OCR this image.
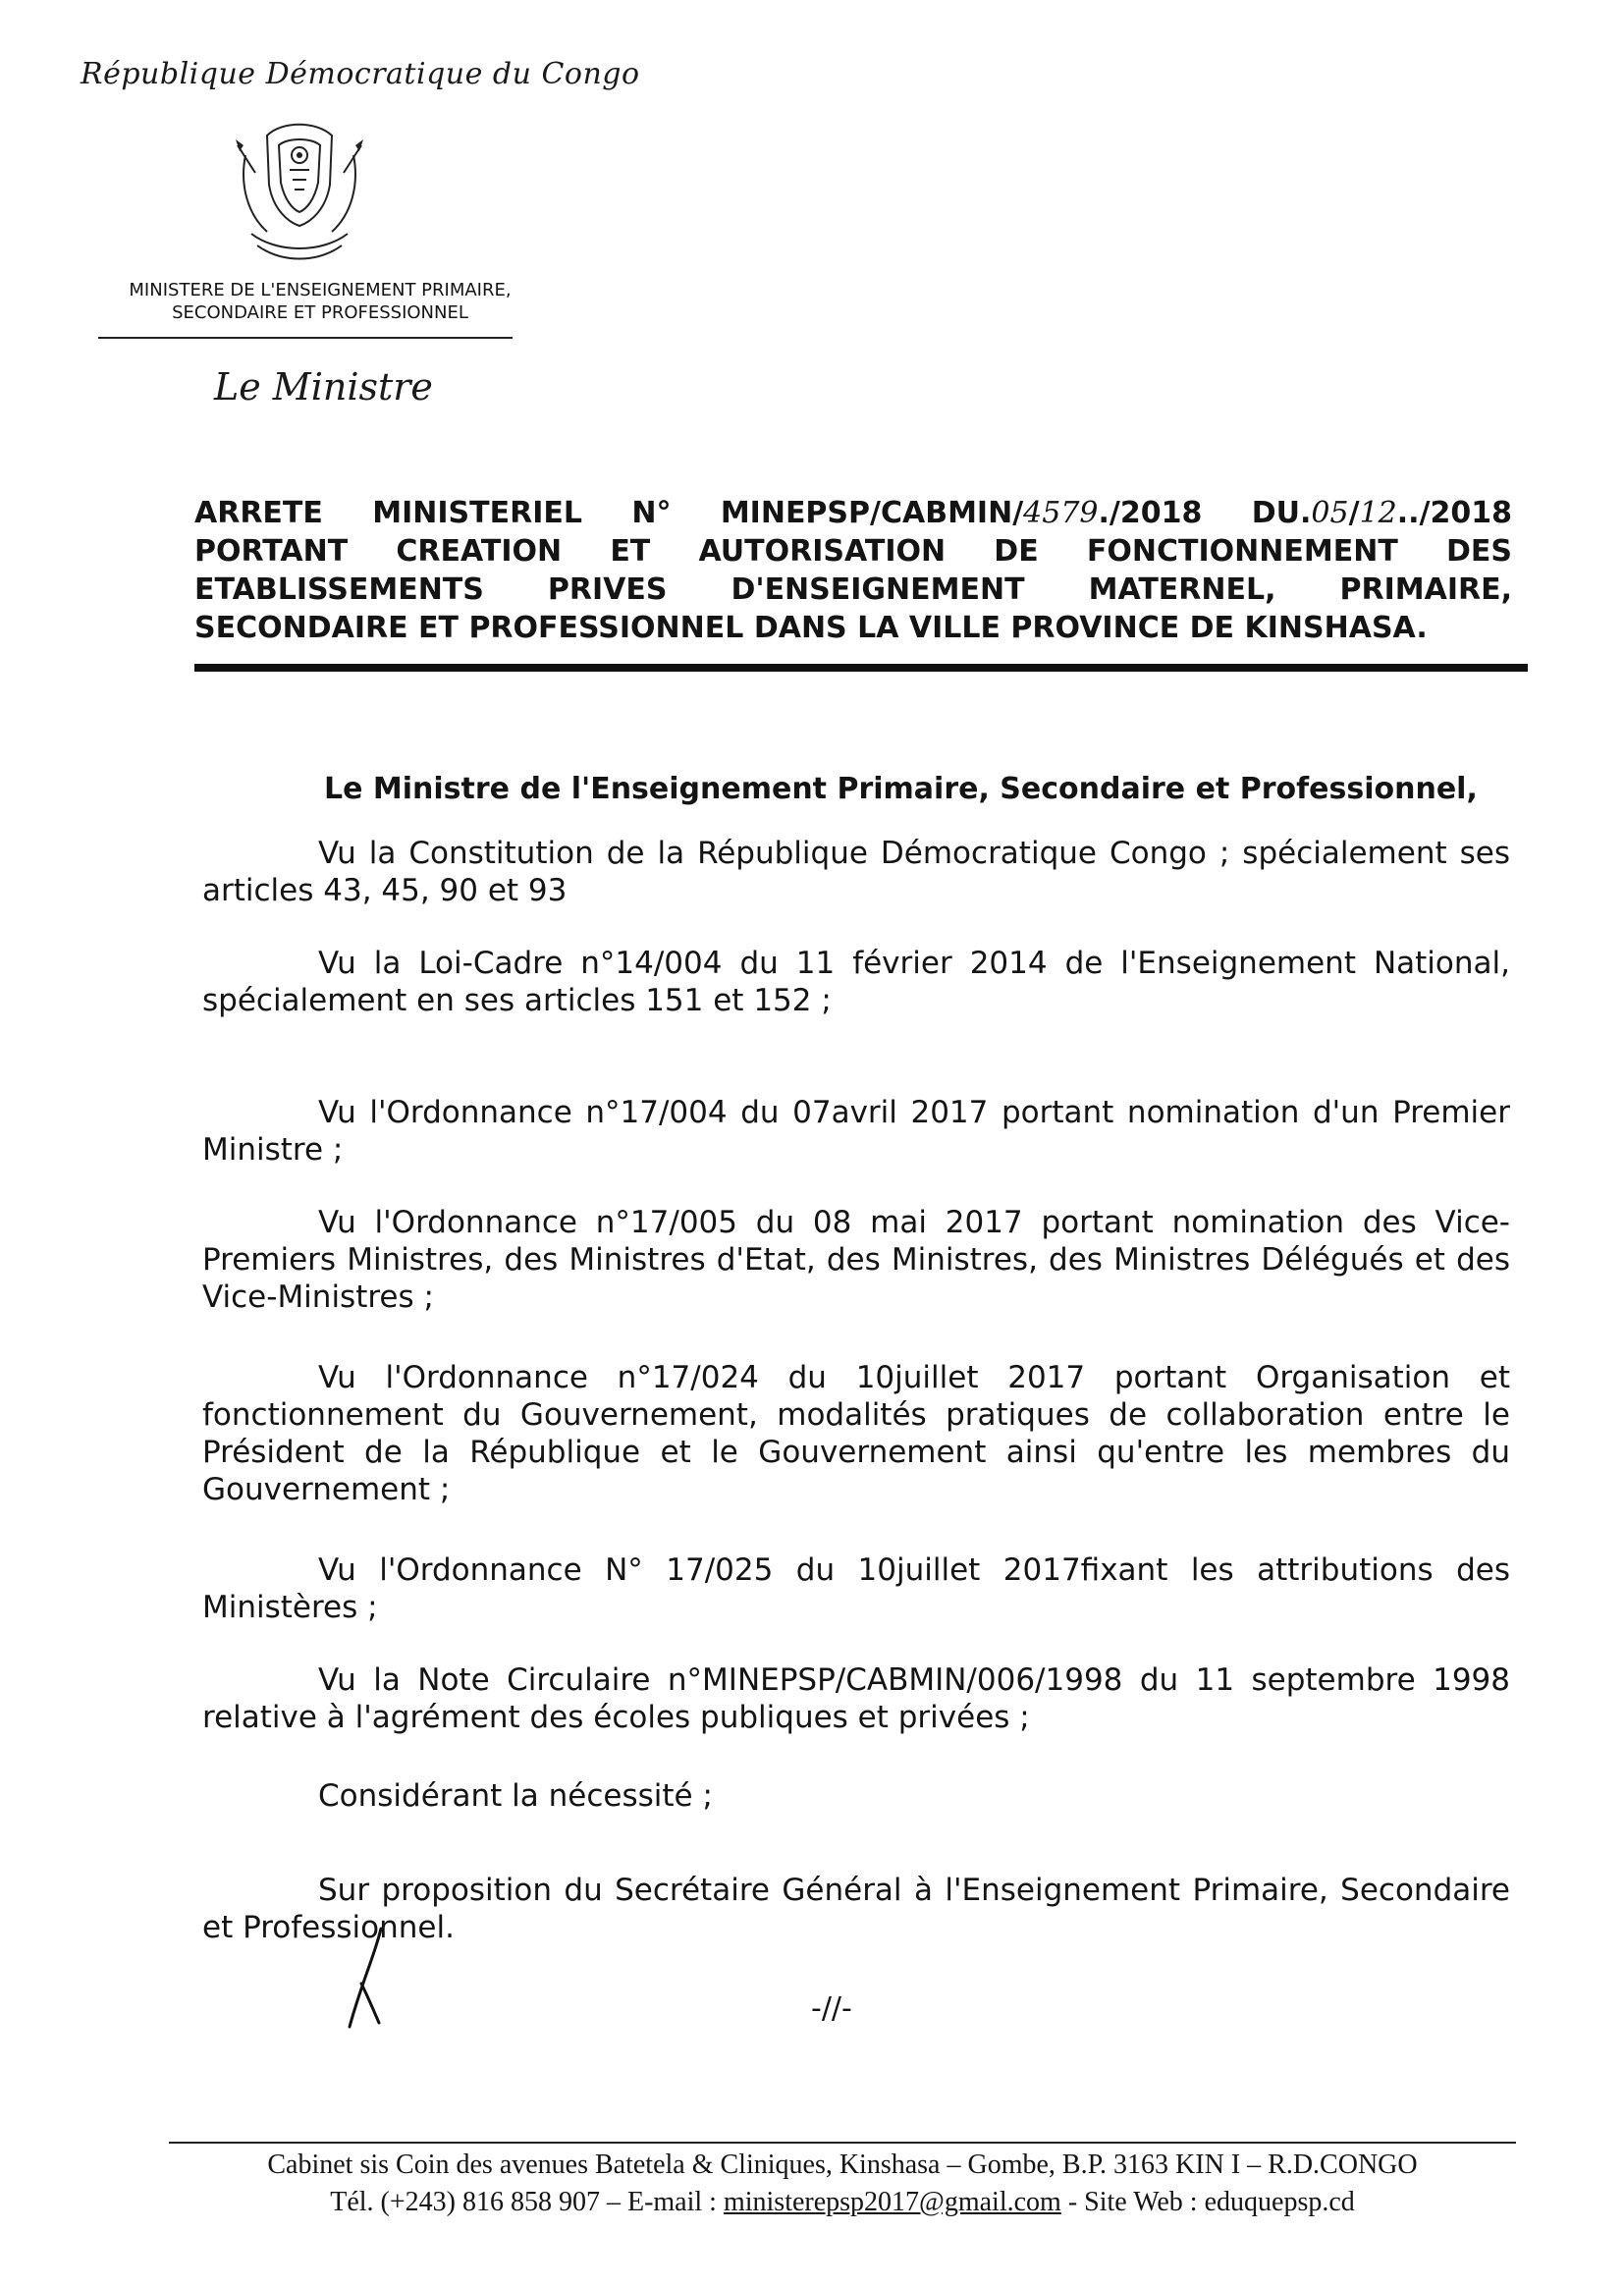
République Démocratique du Congo
MINISTERE DE L'ENSEIGNEMENT PRIMAIRE,
SECONDAIRE ET PROFESSIONNEL
Le Ministre
ARRETE MINISTERIEL N° MINEPSP/CABMIN/4579./2018 DU.05/12../2018
PORTANT CREATION ET AUTORISATION DE FONCTIONNEMENT DES
ETABLISSEMENTS PRIVES D'ENSEIGNEMENT MATERNEL, PRIMAIRE,
SECONDAIRE ET PROFESSIONNEL DANS LA VILLE PROVINCE DE KINSHASA.
Le Ministre de l'Enseignement Primaire, Secondaire et Professionnel,
Vu la Constitution de la République Démocratique Congo ; spécialement ses articles 43, 45, 90 et 93
Vu la Loi-Cadre n°14/004 du 11 février 2014 de l'Enseignement National, spécialement en ses articles 151 et 152 ;
Vu l'Ordonnance n°17/004 du 07avril 2017 portant nomination d'un Premier Ministre ;
Vu l'Ordonnance n°17/005 du 08 mai 2017 portant nomination des Vice-Premiers Ministres, des Ministres d'Etat, des Ministres, des Ministres Délégués et des Vice-Ministres ;
Vu l'Ordonnance n°17/024 du 10juillet 2017 portant Organisation et fonctionnement du Gouvernement, modalités pratiques de collaboration entre le Président de la République et le Gouvernement ainsi qu'entre les membres du Gouvernement ;
Vu l'Ordonnance N° 17/025 du 10juillet 2017fixant les attributions des Ministères ;
Vu la Note Circulaire n°MINEPSP/CABMIN/006/1998 du 11 septembre 1998 relative à l'agrément des écoles publiques et privées ;
Considérant la nécessité ;
Sur proposition du Secrétaire Général à l'Enseignement Primaire, Secondaire et Professionnel.
-//-
Cabinet sis Coin des avenues Batetela & Cliniques, Kinshasa – Gombe, B.P. 3163 KIN I – R.D.CONGO
Tél. (+243) 816 858 907 – E-mail : ministerepsp2017@gmail.com - Site Web : eduquepsp.cd
